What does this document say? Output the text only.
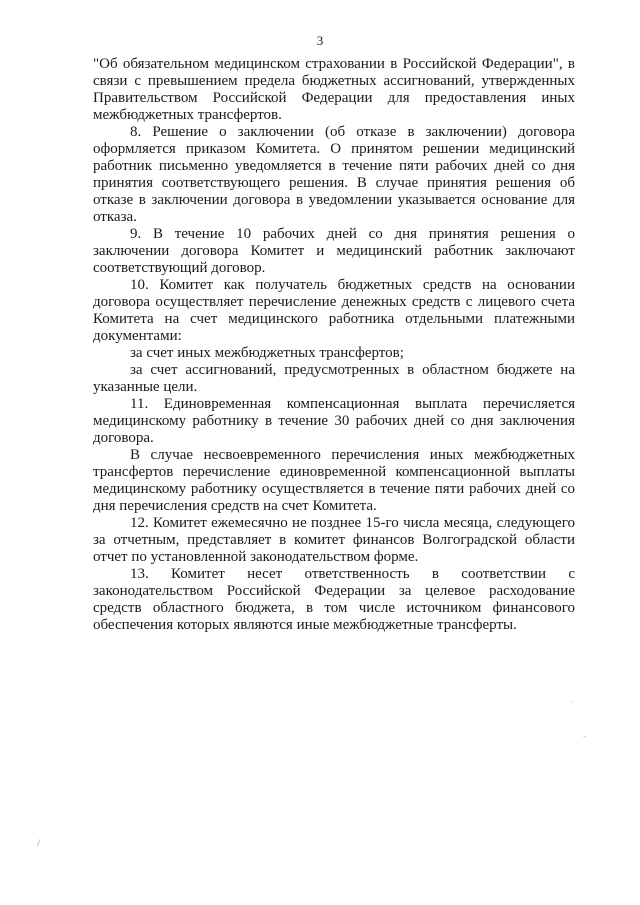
3

"Об обязательном медицинском страховании в Российской Федерации", в связи с превышением предела бюджетных ассигнований, утвержденных Правительством Российской Федерации для предоставления иных межбюджетных трансфертов.

8. Решение о заключении (об отказе в заключении) договора оформляется приказом Комитета. О принятом решении медицинский работник письменно уведомляется в течение пяти рабочих дней со дня принятия соответствующего решения. В случае принятия решения об отказе в заключении договора в уведомлении указывается основание для отказа.

9. В течение 10 рабочих дней со дня принятия решения о заключении договора Комитет и медицинский работник заключают соответствующий договор.

10. Комитет как получатель бюджетных средств на основании договора осуществляет перечисление денежных средств с лицевого счета Комитета на счет медицинского работника отдельными платежными документами:

за счет иных межбюджетных трансфертов;

за счет ассигнований, предусмотренных в областном бюджете на указанные цели.

11. Единовременная компенсационная выплата перечисляется медицинскому работнику в течение 30 рабочих дней со дня заключения договора.

В случае несвоевременного перечисления иных межбюджетных трансфертов перечисление единовременной компенсационной выплаты медицинскому работнику осуществляется в течение пяти рабочих дней со дня перечисления средств на счет Комитета.

12. Комитет ежемесячно не позднее 15-го числа месяца, следующего за отчетным, представляет в комитет финансов Волгоградской области отчет по установленной законодательством форме.

13. Комитет несет ответственность в соответствии с законодательством Российской Федерации за целевое расходование средств областного бюджета, в том числе источником финансового обеспечения которых являются иные межбюджетные трансферты.

·
-
/
